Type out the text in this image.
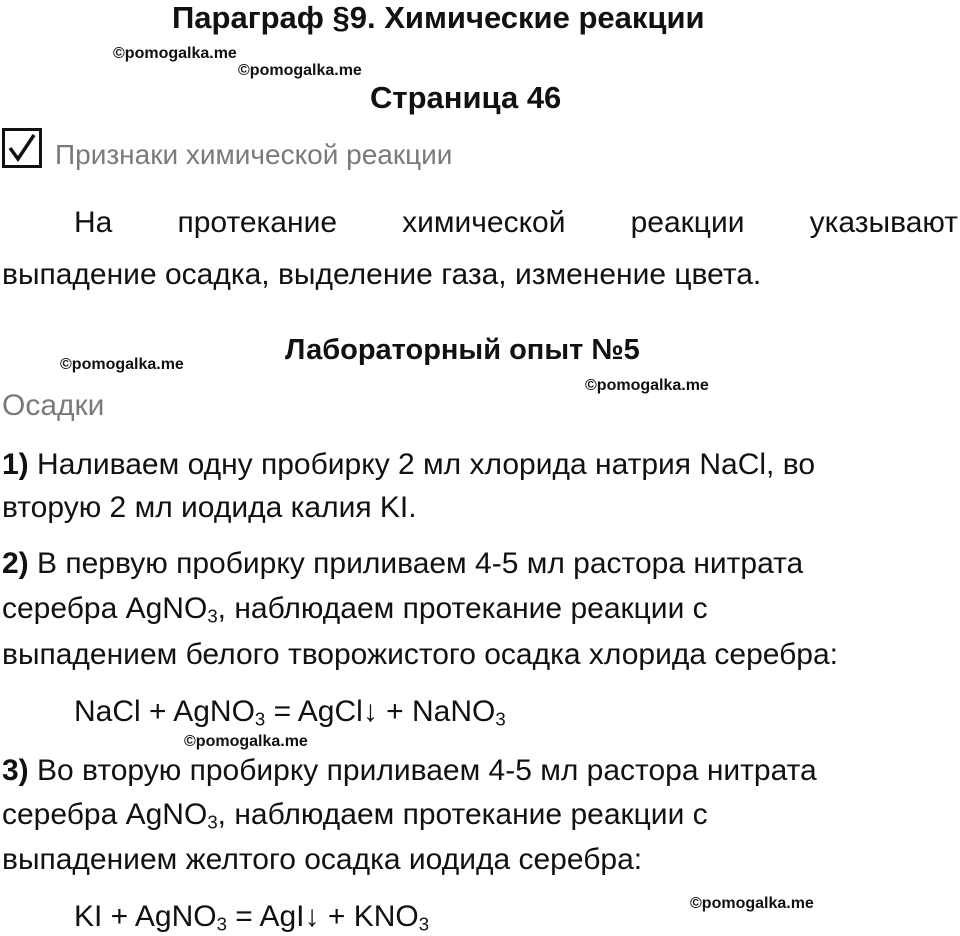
Параграф §9. Химические реакции
©pomogalka.me
©pomogalka.me
Страница 46
Признаки химической реакции
На протекание химической реакции указывают
выпадение осадка, выделение газа, изменение цвета.
©pomogalka.me	Лабораторный опыт №5
©pomogalka.me
Осадки
1) Наливаем одну пробирку 2 мл хлорида натрия NaCl, во
вторую 2 мл иодида калия KI.
2) В первую пробирку приливаем 4-5 мл растора нитрата
серебра AgNO$_3$, наблюдаем протекание реакции с
выпадением белого творожистого осадка хлорида серебра:
NaCl + AgNO$_3$ = AgCl↓ + NaNO$_3$
©pomogalka.me
3) Во вторую пробирку приливаем 4-5 мл растора нитрата
серебра AgNO$_3$, наблюдаем протекание реакции с
выпадением желтого осадка иодида серебра:
©pomogalka.me
KI + AgNO$_3$ = AgI↓ + $KNO_3$
